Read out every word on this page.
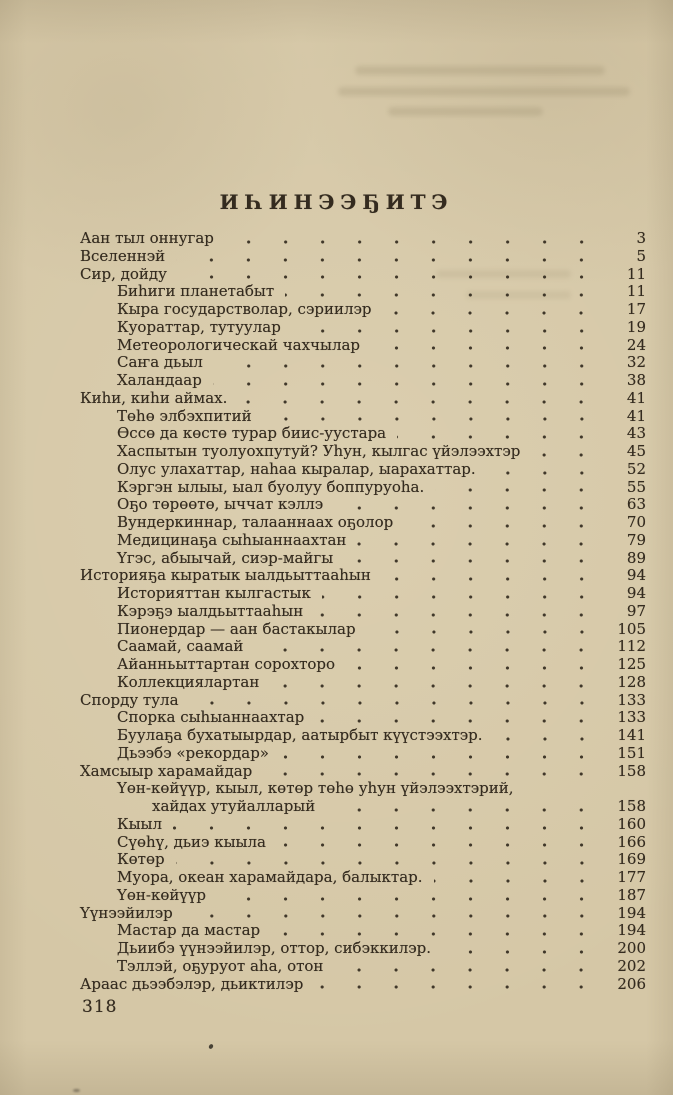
ИҺИНЭЭҔИТЭ
Аан тыл оннугар	3
Вселеннэй	5
Сир, дойду	11
Биһиги планетабыт	11
Кыра государстволар, сэриилэр	17
Куораттар, тутуулар	19
Метеорологическай чахчылар	24
Саҥа дьыл	32
Халандаар	38
Киһи, киһи аймах.	41
Төһө элбэхпитий	41
Өссө да көстө турар биис-уустара	43
Хаспытын туолуохпутуй? Уһун, кылгас үйэлээхтэр	45
Олус улахаттар, наһаа кыралар, ыарахаттар.	52
Кэргэн ылыы, ыал буолуу боппуруоһа.	55
Оҕо төрөөтө, ыччат кэллэ	63
Вундеркиннар, талааннаах оҕолор	70
Медицинаҕа сыһыаннаахтан	79
Үгэс, абыычай, сиэр-майгы	89
Историяҕа кыратык ыалдьыттааһын	94
Историяттан кылгастык	94
Кэрэҕэ ыалдьыттааһын	97
Пионердар — аан бастакылар	105
Саамай, саамай	112
Айанньыттартан сорохторо	125
Коллекциялартан	128
Спорду тула	133
Спорка сыһыаннаахтар	133
Буулаҕа бухатыырдар, аатырбыт күүстээхтэр.	141
Дьээбэ «рекордар»	151
Хамсыыр харамайдар	158
Үөн-көйүүр, кыыл, көтөр төһө уһун үйэлээхтэрий,
хайдах утуйалларый	158
Кыыл	160
Сүөһү, дьиэ кыыла	166
Көтөр	169
Муора, океан харамайдара, балыктар.	177
Үөн-көйүүр	187
Үүнээйилэр	194
Мастар да мастар	194
Дьиибэ үүнээйилэр, оттор, сибэккилэр.	200
Тэллэй, оҕуруот аһа, отон	202
Араас дьээбэлэр, дьиктилэр	206
318
